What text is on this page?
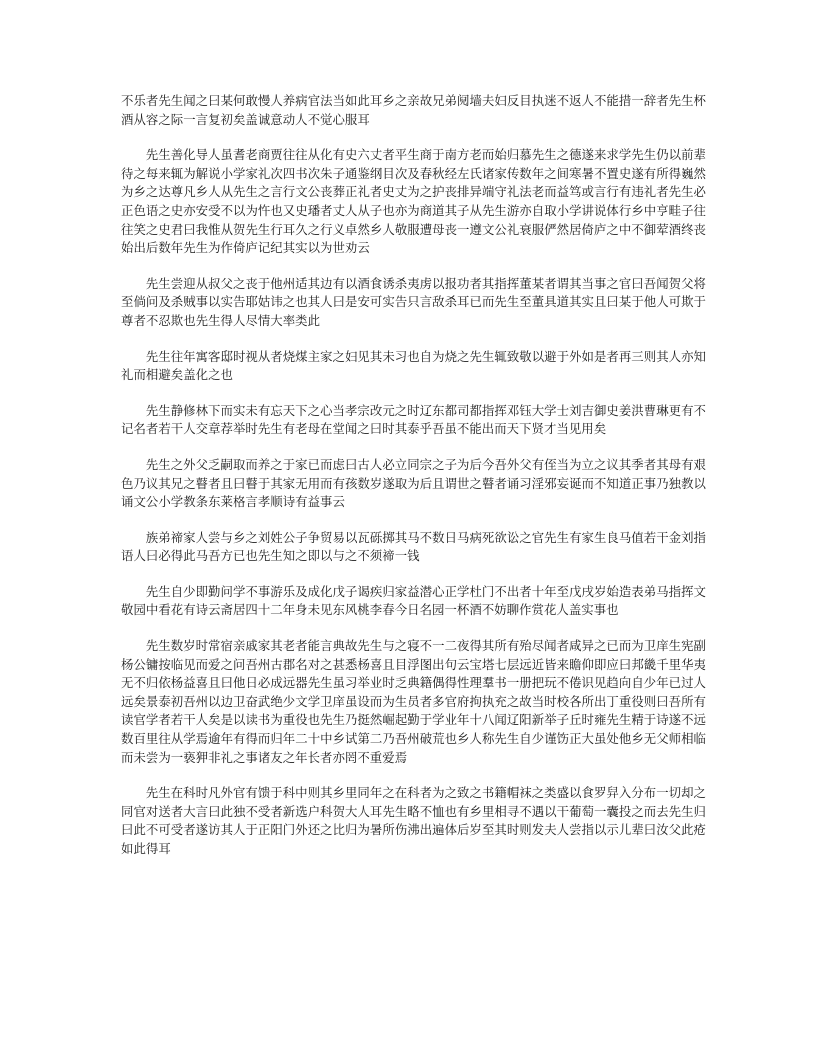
不乐者先生闻之曰某何敢慢人养病官法当如此耳乡之亲故兄弟阋墙夫妇反目执迷不返人不能措一辞者先生杯酒从容之际一言复初矣盖诚意动人不觉心服耳

先生善化导人虽耆老商贾往往从化有史六丈者平生商于南方老而始归慕先生之德遂来求学先生仍以前辈待之每来辄为解说小学家礼次四书次朱子通鉴纲目次及春秋经左氏诸家传数年之间寒暑不置史遂有所得巍然为乡之达尊凡乡人从先生之言行文公丧葬正礼者史丈为之护丧排异端守礼法老而益笃或言行有违礼者先生必正色语之史亦安受不以为忤也又史璠者丈人从子也亦为商道其子从先生游亦自取小学讲说体行乡中亨畦子往往笑之史君曰我惟从贺先生行耳久之行义卓然乡人敬服遭母丧一遵文公礼衰服俨然居倚庐之中不御荤酒终丧始出后数年先生为作倚庐记纪其实以为世劝云

先生尝迎从叔父之丧于他州适其边有以酒食诱杀夷虏以报功者其指挥董某者谓其当事之官曰吾闻贺父将至倘问及杀贼事以实告耶姑讳之也其人曰是安可实告只言敌杀耳已而先生至董具道其实且曰某于他人可欺于尊者不忍欺也先生得人尽情大率类此

先生往年寓客邸时视从者烧煤主家之妇见其未习也自为烧之先生辄致敬以避于外如是者再三则其人亦知礼而相避矣盖化之也

先生静修林下而实未有忘天下之心当孝宗改元之时辽东都司都指挥邓钰大学士刘吉御史姜洪曹琳更有不记名者若干人交章荐举时先生有老母在堂闻之曰时其泰乎吾虽不能出而天下贤才当见用矣

先生之外父乏嗣取而养之于家已而虑曰古人必立同宗之子为后今吾外父有侄当为立之议其季者其母有艰色乃议其兄之瞽者且曰瞽于其家无用而有孩数岁遂取为后且谓世之瞽者诵习淫邪妄诞而不知道正事乃独教以诵文公小学教条东莱格言孝顺诗有益事云

族弟禘家人尝与乡之刘姓公子争贸易以瓦砾掷其马不数日马病死欲讼之官先生有家生良马值若干金刘指语人曰必得此马吾方已也先生知之即以与之不须禘一钱

先生自少即勤问学不事游乐及成化戊子谒疾归家益潜心正学杜门不出者十年至戊戌岁始造表弟马指挥文敬园中看花有诗云斋居四十二年身未见东风桃李春今日名园一杯酒不妨聊作赏花人盖实事也

先生数岁时常宿亲戚家其老者能言典故先生与之寝不一二夜得其所有殆尽闻者咸异之已而为卫庠生宪副杨公镛按临见而爱之问吾州古郡名对之甚悉杨喜且目浮图出句云宝塔七层远近皆来瞻仰即应曰邦畿千里华夷无不归依杨益喜且曰他日必成远器先生虽习举业时乏典籍偶得性理羣书一册把玩不倦识见趋向自少年已过人远矣景泰初吾州以边卫奋武绝少文学卫庠虽设而为生员者多官府拘执充之故当时校各所出丁重役则曰吾所有读官学者若干人矣是以读书为重役也先生乃挺然崛起勤于学业年十八闻辽阳新举子丘时雍先生精于诗遂不远数百里往从学焉逾年有得而归年二十中乡试第二乃吾州破荒也乡人称先生自少谨饬正大虽处他乡无父师相临而未尝为一亵狎非礼之事诸友之年长者亦罔不重爱焉

先生在科时凡外官有馈于科中则其乡里同年之在科者为之致之书籍帽袜之类盛以食罗舁入分布一切却之同官对送者大言曰此独不受者新选户科贺大人耳先生略不恤也有乡里相寻不遇以干葡萄一囊投之而去先生归曰此不可受者遂访其人于正阳门外还之比归为暑所伤沸出遍体后岁至其时则发夫人尝指以示儿辈曰汝父此疮如此得耳
